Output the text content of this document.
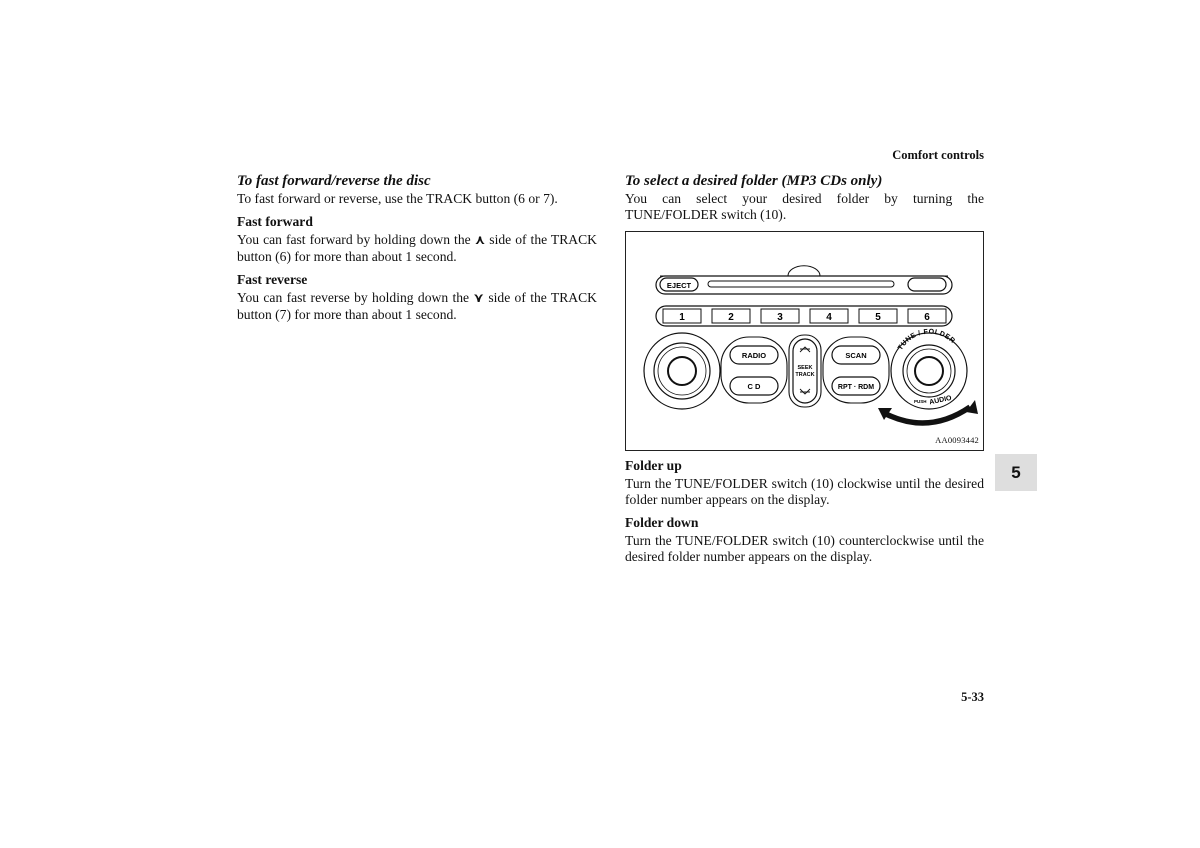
Comfort controls
To fast forward/reverse the disc

To fast forward or reverse, use the TRACK button (6 or 7).

Fast forward

You can fast forward by holding down the ⋏ side of the TRACK button (6) for more than about 1 second.

Fast reverse

You can fast reverse by holding down the ⋎ side of the TRACK button (7) for more than about 1 second.

To select a desired folder (MP3 CDs only)

You can select your desired folder by turning the TUNE/FOLDER switch (10).

EJECT
1	2	3	4	5	6
RADIO
C D
SEEK
TRACK
SCAN
RPT · RDM
TUNE / FOLDER
PUSH AUDIO
AA0093442
Folder up

Turn the TUNE/FOLDER switch (10) clockwise until the desired folder number appears on the display.

Folder down

Turn the TUNE/FOLDER switch (10) counterclockwise until the desired folder number appears on the display.

5
5-33
